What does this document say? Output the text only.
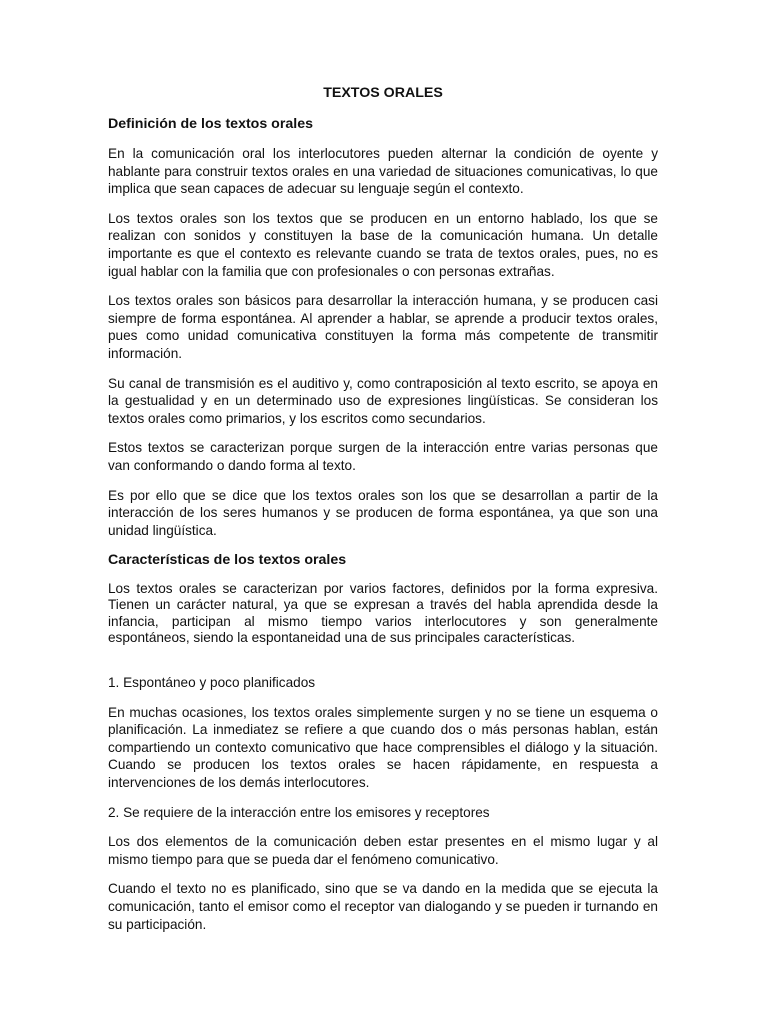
TEXTOS ORALES
Definición de los textos orales

En la comunicación oral los interlocutores pueden alternar la condición de oyente y hablante para construir textos orales en una variedad de situaciones comunicativas, lo que implica que sean capaces de adecuar su lenguaje según el contexto.

Los textos orales son los textos que se producen en un entorno hablado, los que se realizan con sonidos y constituyen la base de la comunicación humana. Un detalle importante es que el contexto es relevante cuando se trata de textos orales, pues, no es igual hablar con la familia que con profesionales o con personas extrañas.

Los textos orales son básicos para desarrollar la interacción humana, y se producen casi siempre de forma espontánea. Al aprender a hablar, se aprende a producir textos orales, pues como unidad comunicativa constituyen la forma más competente de transmitir información.

Su canal de transmisión es el auditivo y, como contraposición al texto escrito, se apoya en la gestualidad y en un determinado uso de expresiones lingüísticas. Se consideran los textos orales como primarios, y los escritos como secundarios.

Estos textos se caracterizan porque surgen de la interacción entre varias personas que van conformando o dando forma al texto.

Es por ello que se dice que los textos orales son los que se desarrollan a partir de la interacción de los seres humanos y se producen de forma espontánea, ya que son una unidad lingüística.

Características de los textos orales

Los textos orales se caracterizan por varios factores, definidos por la forma expresiva. Tienen un carácter natural, ya que se expresan a través del habla aprendida desde la infancia, participan al mismo tiempo varios interlocutores y son generalmente espontáneos, siendo la espontaneidad una de sus principales características.

1. Espontáneo y poco planificados

En muchas ocasiones, los textos orales simplemente surgen y no se tiene un esquema o planificación. La inmediatez se refiere a que cuando dos o más personas hablan, están compartiendo un contexto comunicativo que hace comprensibles el diálogo y la situación. Cuando se producen los textos orales se hacen rápidamente, en respuesta a intervenciones de los demás interlocutores.

2. Se requiere de la interacción entre los emisores y receptores

Los dos elementos de la comunicación deben estar presentes en el mismo lugar y al mismo tiempo para que se pueda dar el fenómeno comunicativo.

Cuando el texto no es planificado, sino que se va dando en la medida que se ejecuta la comunicación, tanto el emisor como el receptor van dialogando y se pueden ir turnando en su participación.
